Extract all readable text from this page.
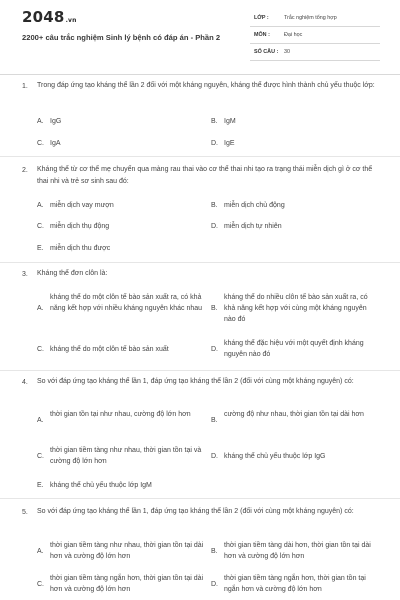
2048.vn
2200+ câu trắc nghiệm Sinh lý bệnh có đáp án - Phần 2
LỚP :	Trắc nghiệm tổng hợp
MÔN :	Đại học
SỐ CÂU : 30
1. Trong đáp ứng tạo kháng thể lần 2 đối với một kháng nguyên, kháng thể được hình thành chủ yếu thuộc lớp:
A. IgG	B. IgM
C. IgA	D. IgE
2. Kháng thể từ cơ thể mẹ chuyển qua màng rau thai vào cơ thể thai nhi tạo ra trạng thái miễn dịch gì ở cơ thể thai nhi và trẻ sơ sinh sau đó:
A. miễn dịch vay mượn	B. miễn dịch chủ động
C. miễn dịch thụ động	D. miễn dịch tự nhiên
E. miễn dịch thu được
3. Kháng thể đơn clôn là:
A.
kháng thể do một clôn tế bào sản xuất ra, có khả năng kết hợp với nhiều kháng nguyên khác nhau	B.
kháng thể do nhiều clôn tế bào sản xuất ra, có khả năng kết hợp với cùng một kháng nguyên nào đó
C. kháng thể do một clôn tế bào sản xuất	D.
kháng thể đặc hiệu với một quyết định kháng nguyên nào đó
4. So với đáp ứng tạo kháng thể lần 1, đáp ứng tạo kháng thể lần 2 (đối với cùng một kháng nguyên) có:
A.
thời gian tồn tại như nhau, cường độ lớn hơn
B.
cường độ như nhau, thời gian tồn tại dài hơn
C.
thời gian tiềm tàng như nhau, thời gian tồn tại và cường độ lớn hơn
D. kháng thể chủ yếu thuộc lớp IgG
E. kháng thể chủ yếu thuộc lớp IgM
5. So với đáp ứng tạo kháng thể lần 1, đáp ứng tạo kháng thể lần 2 (đối với cùng một kháng nguyên) có:
A.
thời gian tiềm tàng như nhau, thời gian tồn tại dài hơn và cường độ lớn hơn
B.
thời gian tiềm tàng dài hơn, thời gian tồn tại dài hơn và cường độ lớn hơn
C.
thời gian tiềm tàng ngắn hơn, thời gian tồn tại dài hơn và cường độ lớn hơn
D.
thời gian tiềm tàng ngắn hơn, thời gian tồn tại ngắn hơn và cường độ lớn hơn
